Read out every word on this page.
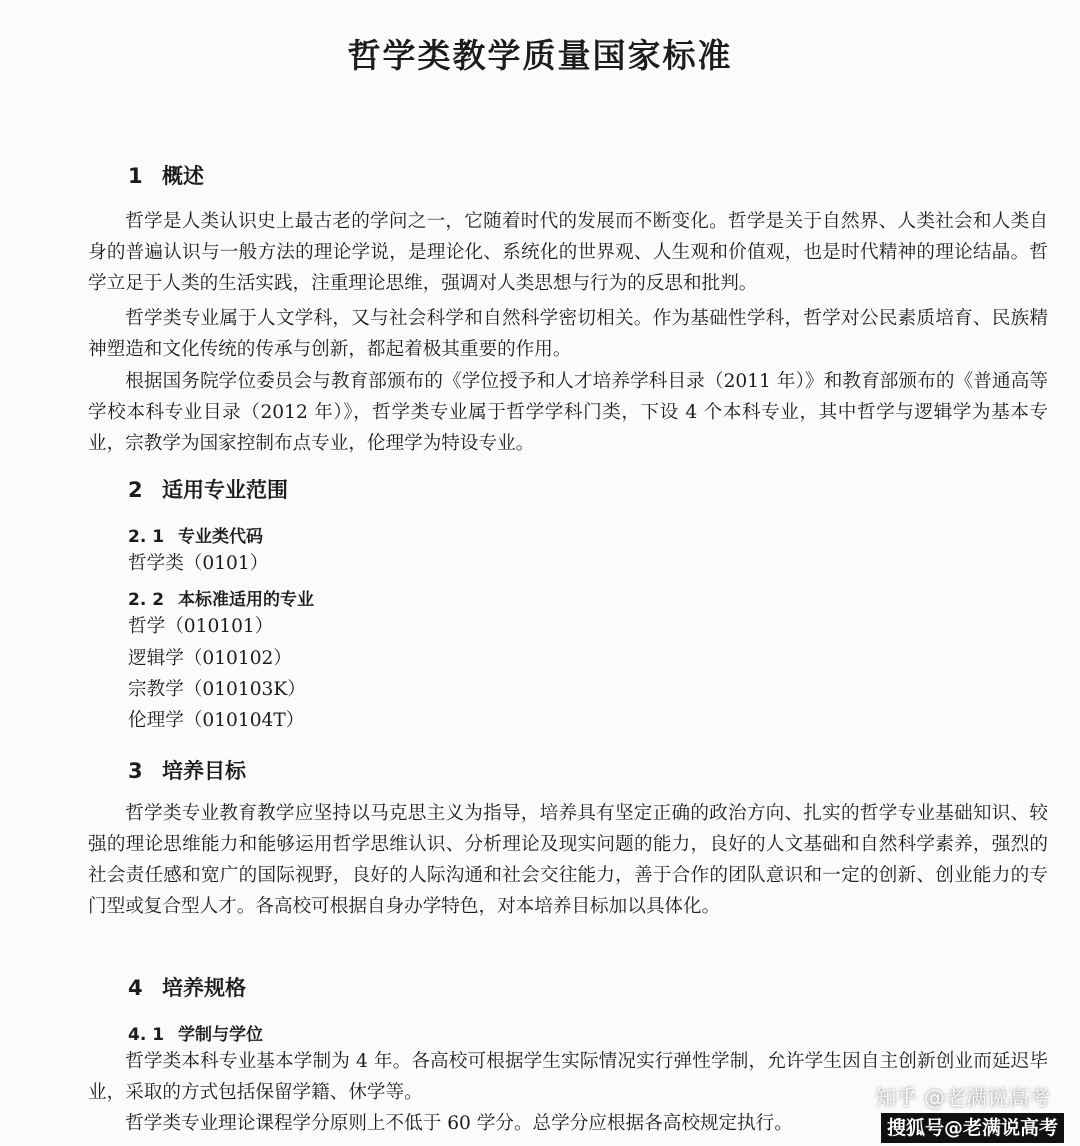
哲学类教学质量国家标准
1 概述

哲学是人类认识史上最古老的学问之一，它随着时代的发展而不断变化。哲学是关于自然界、人类社会和人类自身的普遍认识与一般方法的理论学说，是理论化、系统化的世界观、人生观和价值观，也是时代精神的理论结晶。哲学立足于人类的生活实践，注重理论思维，强调对人类思想与行为的反思和批判。

哲学类专业属于人文学科，又与社会科学和自然科学密切相关。作为基础性学科，哲学对公民素质培育、民族精神塑造和文化传统的传承与创新，都起着极其重要的作用。

根据国务院学位委员会与教育部颁布的《学位授予和人才培养学科目录（2011 年）》和教育部颁布的《普通高等学校本科专业目录（2012 年）》，哲学类专业属于哲学学科门类，下设 4 个本科专业，其中哲学与逻辑学为基本专业，宗教学为国家控制布点专业，伦理学为特设专业。

2 适用专业范围
2. 1 专业类代码
哲学类（0101）
2. 2 本标准适用的专业
哲学（010101）
逻辑学（010102）
宗教学（010103K）
伦理学（010104T）
3 培养目标

哲学类专业教育教学应坚持以马克思主义为指导，培养具有坚定正确的政治方向、扎实的哲学专业基础知识、较强的理论思维能力和能够运用哲学思维认识、分析理论及现实问题的能力，良好的人文基础和自然科学素养，强烈的社会责任感和宽广的国际视野，良好的人际沟通和社会交往能力，善于合作的团队意识和一定的创新、创业能力的专门型或复合型人才。各高校可根据自身办学特色，对本培养目标加以具体化。

4 培养规格
4. 1 学制与学位

哲学类本科专业基本学制为 4 年。各高校可根据学生实际情况实行弹性学制，允许学生因自主创新创业而延迟毕业，采取的方式包括保留学籍、休学等。

哲学类专业理论课程学分原则上不低于 60 学分。总学分应根据各高校规定执行。

知乎 @老满说高考
搜狐号@老满说高考
